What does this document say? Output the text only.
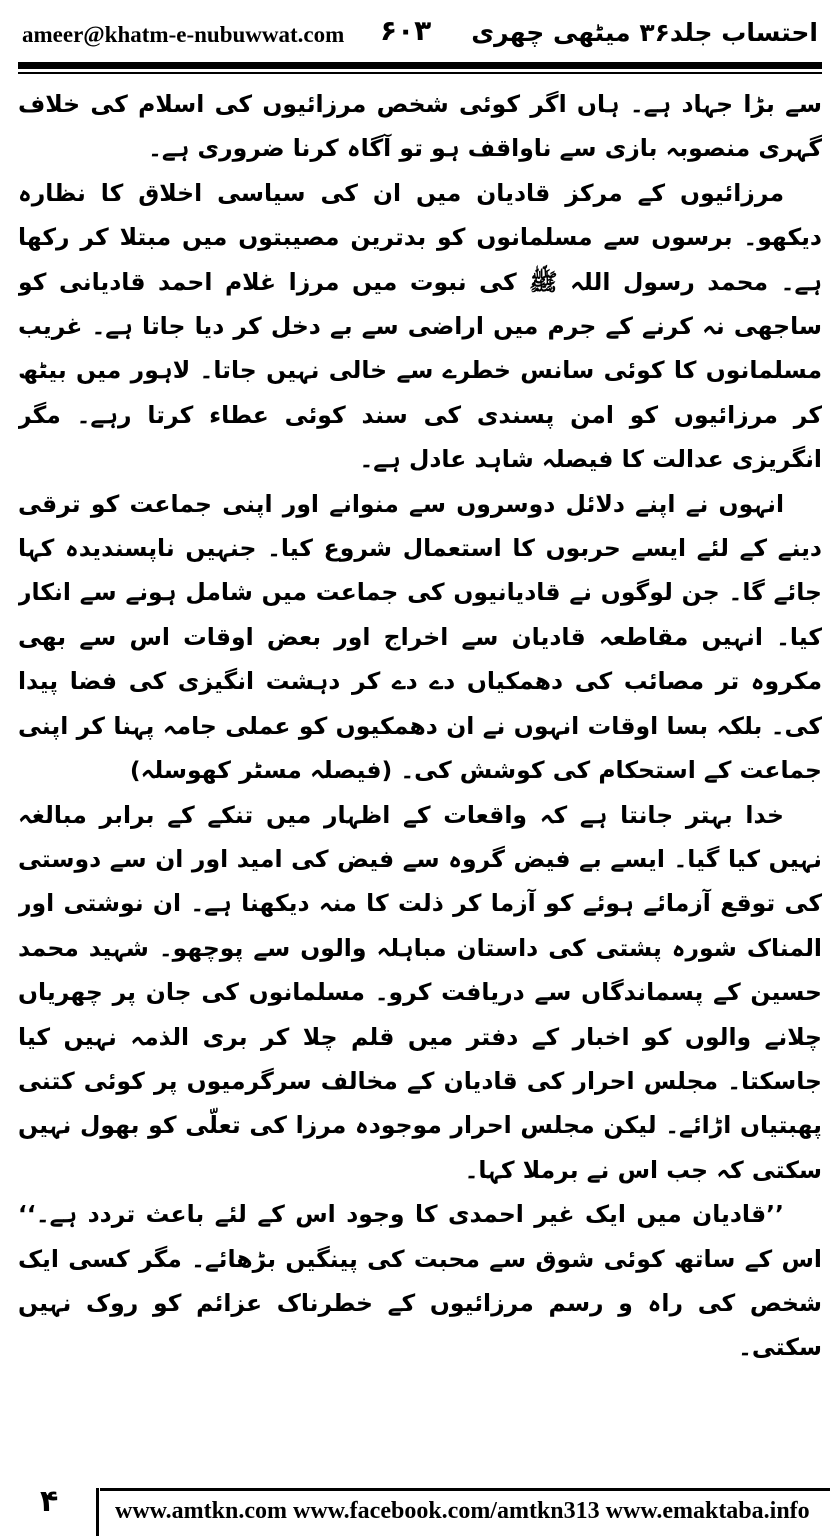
ameer@khatm-e-nubuwwat.com ۶۰۳ احتساب جلد۳۶ میٹھی چھری

سے بڑا جہاد ہے۔ ہاں اگر کوئی شخص مرزائیوں کی اسلام کی خلاف گہری منصوبہ بازی سے ناواقف ہو تو آگاہ کرنا ضروری ہے۔

مرزائیوں کے مرکز قادیان میں ان کی سیاسی اخلاق کا نظارہ دیکھو۔ برسوں سے مسلمانوں کو بدترین مصیبتوں میں مبتلا کر رکھا ہے۔ محمد رسول اللہ ﷺ کی نبوت میں مرزا غلام احمد قادیانی کو ساجھی نہ کرنے کے جرم میں اراضی سے بے دخل کر دیا جاتا ہے۔ غریب مسلمانوں کا کوئی سانس خطرے سے خالی نہیں جاتا۔ لاہور میں بیٹھ کر مرزائیوں کو امن پسندی کی سند کوئی عطاء کرتا رہے۔ مگر انگریزی عدالت کا فیصلہ شاہد عادل ہے۔

انہوں نے اپنے دلائل دوسروں سے منوانے اور اپنی جماعت کو ترقی دینے کے لئے ایسے حربوں کا استعمال شروع کیا۔ جنہیں ناپسندیدہ کہا جائے گا۔ جن لوگوں نے قادیانیوں کی جماعت میں شامل ہونے سے انکار کیا۔ انہیں مقاطعہ قادیان سے اخراج اور بعض اوقات اس سے بھی مکروہ تر مصائب کی دھمکیاں دے دے کر دہشت انگیزی کی فضا پیدا کی۔ بلکہ بسا اوقات انہوں نے ان دھمکیوں کو عملی جامہ پہنا کر اپنی جماعت کے استحکام کی کوشش کی۔ (فیصلہ مسٹر کھوسلہ)

خدا بہتر جانتا ہے کہ واقعات کے اظہار میں تنکے کے برابر مبالغہ نہیں کیا گیا۔ ایسے بے فیض گروہ سے فیض کی امید اور ان سے دوستی کی توقع آزمائے ہوئے کو آزما کر ذلت کا منہ دیکھنا ہے۔ ان نوشتی اور المناک شورہ پشتی کی داستان مباہلہ والوں سے پوچھو۔ شہید محمد حسین کے پسماندگاں سے دریافت کرو۔ مسلمانوں کی جان پر چھریاں چلانے والوں کو اخبار کے دفتر میں قلم چلا کر بری الذمہ نہیں کیا جاسکتا۔ مجلس احرار کی قادیان کے مخالف سرگرمیوں پر کوئی کتنی پھبتیاں اڑائے۔ لیکن مجلس احرار موجودہ مرزا کی تعلّی کو بھول نہیں سکتی کہ جب اس نے برملا کہا۔

’’قادیان میں ایک غیر احمدی کا وجود اس کے لئے باعث تردد ہے۔‘‘ اس کے ساتھ کوئی شوق سے محبت کی پینگیں بڑھائے۔ مگر کسی ایک شخص کی راہ و رسم مرزائیوں کے خطرناک عزائم کو روک نہیں سکتی۔

۴ www.amtkn.com www.facebook.com/amtkn313 www.emaktaba.info
